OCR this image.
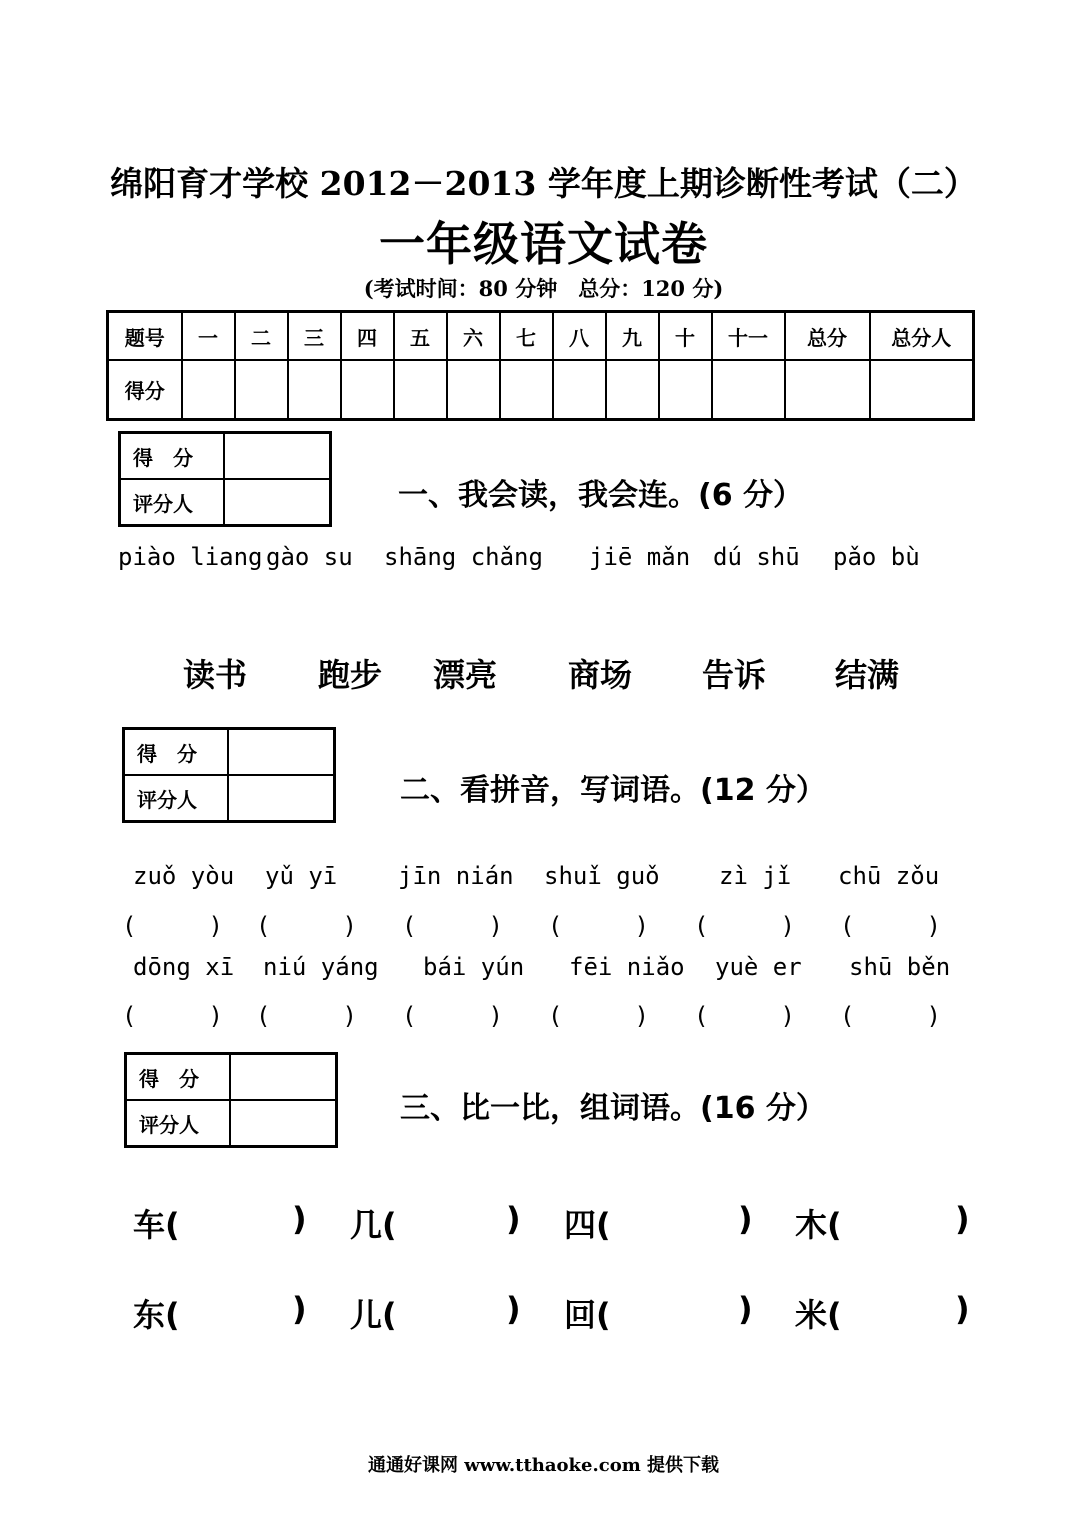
绵阳育才学校 2012－2013 学年度上期诊断性考试（二）
一年级语文试卷
(考试时间：80 分钟　总分：120 分)
题号	一	二	三	四	五	六	七	八	九	十	十一	总分	总分人
得分													
得　分	
评分人		一、我会读，我会连。(6 分）
piào liang gào su shāng chǎng jiē mǎn dú shū pǎo bù
读书 跑步 漂亮 商场 告诉 结满
得　分	
评分人		二、看拼音，写词语。(12 分）
zuǒ yòu yǔ yī	jīn nián shuǐ guǒ zì jǐ chū zǒu
(　　　) (　　　) (　　　) (　　　) (　　　) (　　　)
dōng xī niú yáng bái yún fēi niǎo yuè er shū běn
(　　　) (　　　) (　　　) (　　　) (　　　) (　　　)
得　分	
评分人		三、比一比，组词语。(16 分）
车(	) 几(	) 四(	) 木(	)
东(	) 儿(	) 回(	) 米(	)
通通好课网 www.tthaoke.com 提供下载
